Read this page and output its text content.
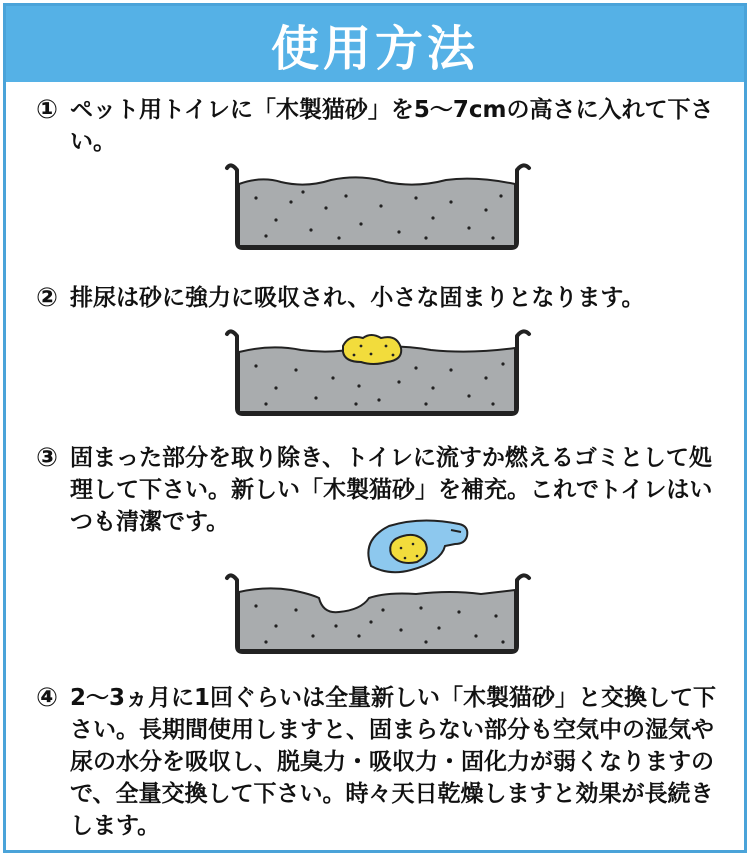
使用方法
① ペット用トイレに「木製猫砂」を5～7cmの高さに入れて下さい。
② 排尿は砂に強力に吸収され、小さな固まりとなります。
③ 固まった部分を取り除き、トイレに流すか燃えるゴミとして処理して下さい。新しい「木製猫砂」を補充。これでトイレはいつも清潔です。
④ 2～3ヵ月に1回ぐらいは全量新しい「木製猫砂」と交換して下さい。長期間使用しますと、固まらない部分も空気中の湿気や尿の水分を吸収し、脱臭力・吸収力・固化力が弱くなりますので、全量交換して下さい。時々天日乾燥しますと効果が長続きします。
